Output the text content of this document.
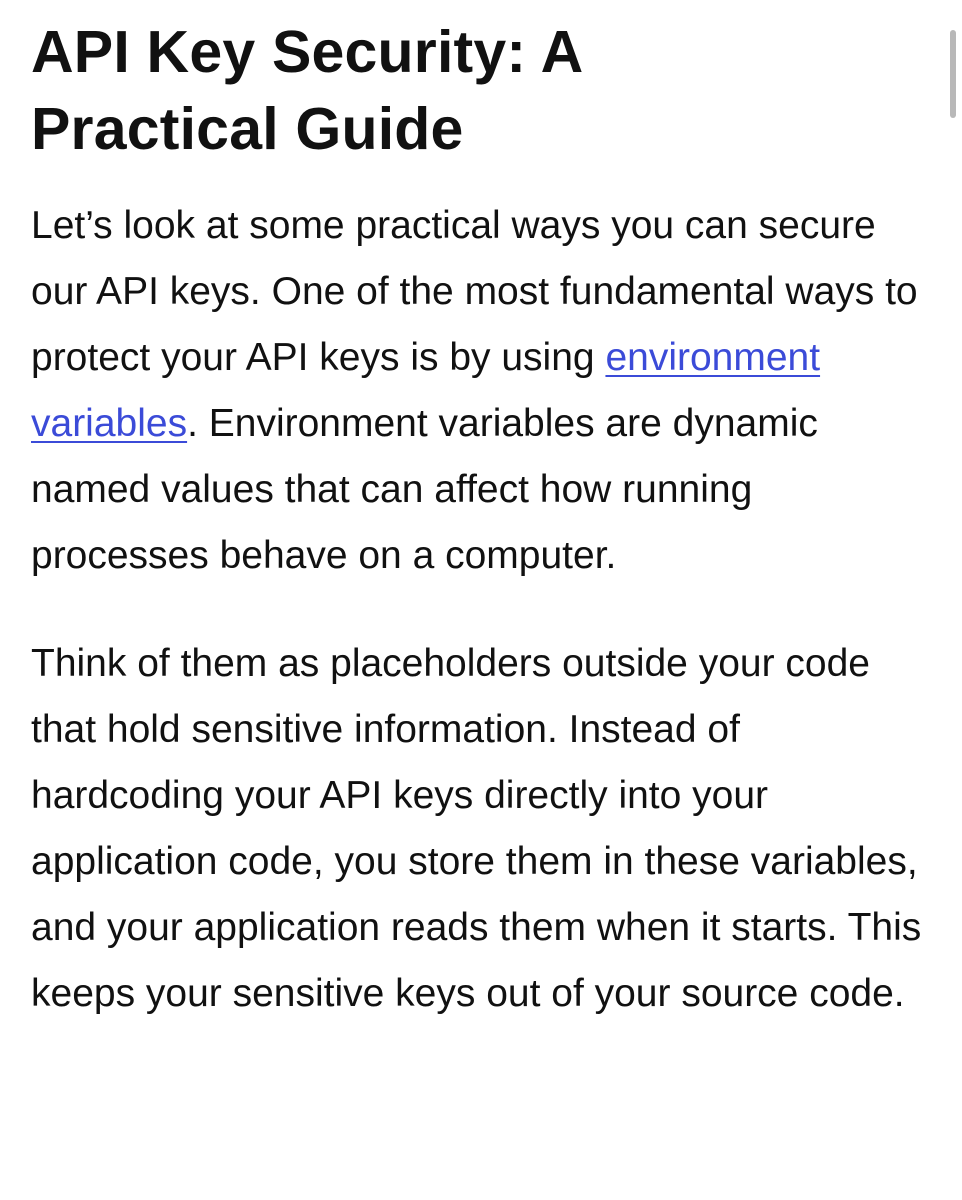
API Key Security: A Practical Guide

Let’s look at some practical ways you can secure our API keys. One of the most fundamental ways to protect your API keys is by using environment variables. Environment variables are dynamic named values that can affect how running processes behave on a computer.

Think of them as placeholders outside your code that hold sensitive information. Instead of hardcoding your API keys directly into your application code, you store them in these variables, and your application reads them when it starts. This keeps your sensitive keys out of your source code.
